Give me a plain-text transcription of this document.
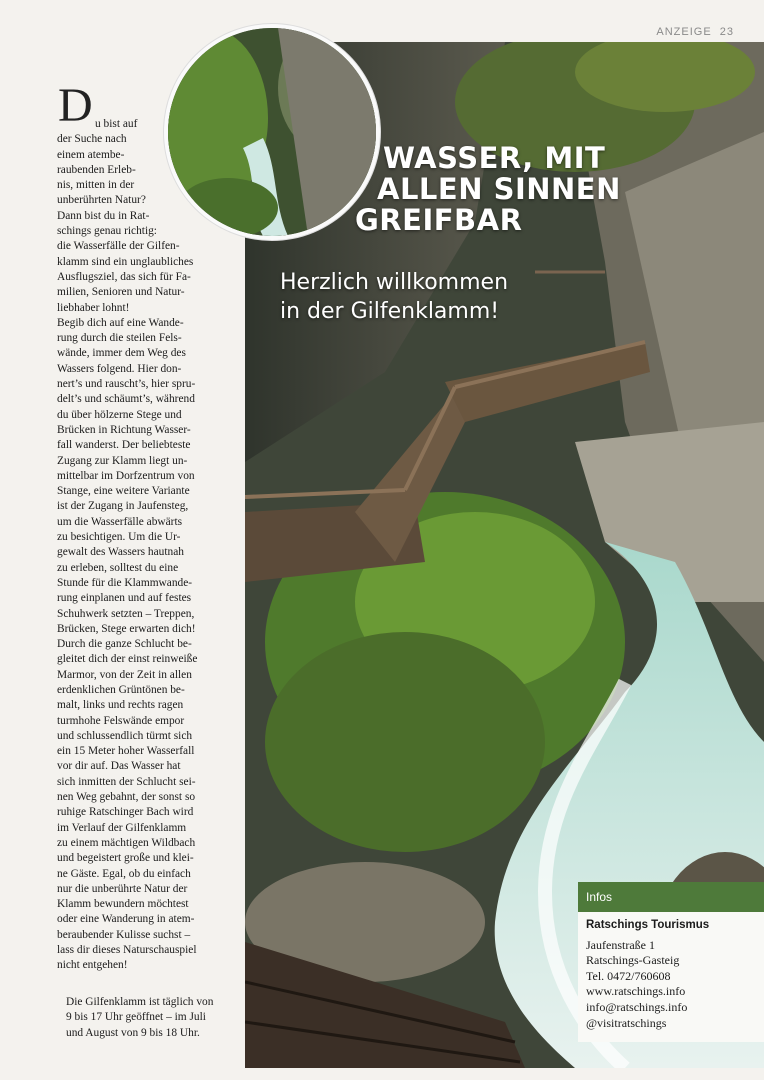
ANZEIGE 23
WASSER, MIT
ALLEN SINNEN
GREIFBAR
Herzlich willkommen
in der Gilfenklamm!
D u bist auf
der Suche nach
einem atembe-
raubenden Erleb-
nis, mitten in der
unberührten Natur?
Dann bist du in Rat-
schings genau richtig:
die Wasserfälle der Gilfen-
klamm sind ein unglaubliches
Ausflugsziel, das sich für Fa-
milien, Senioren und Natur-
liebhaber lohnt!
Begib dich auf eine Wande-
rung durch die steilen Fels-
wände, immer dem Weg des
Wassers folgend. Hier don-
nert’s und rauscht’s, hier spru-
delt’s und schäumt’s, während
du über hölzerne Stege und
Brücken in Richtung Wasser-
fall wanderst. Der beliebteste
Zugang zur Klamm liegt un-
mittelbar im Dorfzentrum von
Stange, eine weitere Variante
ist der Zugang in Jaufensteg,
um die Wasserfälle abwärts
zu besichtigen. Um die Ur-
gewalt des Wassers hautnah
zu erleben, solltest du eine
Stunde für die Klammwande-
rung einplanen und auf festes
Schuhwerk setzten – Treppen,
Brücken, Stege erwarten dich!
Durch die ganze Schlucht be-
gleitet dich der einst reinweiße
Marmor, von der Zeit in allen
erdenklichen Grüntönen be-
malt, links und rechts ragen
turmhohe Felswände empor
und schlussendlich türmt sich
ein 15 Meter hoher Wasserfall
vor dir auf. Das Wasser hat
sich inmitten der Schlucht sei-
nen Weg gebahnt, der sonst so
ruhige Ratschinger Bach wird
im Verlauf der Gilfenklamm
zu einem mächtigen Wildbach
und begeistert große und klei-
ne Gäste. Egal, ob du einfach
nur die unberührte Natur der
Klamm bewundern möchtest
oder eine Wanderung in atem-
beraubender Kulisse suchst –
lass dir dieses Naturschauspiel
nicht entgehen!
Die Gilfenklamm ist täglich von
9 bis 17 Uhr geöffnet – im Juli
und August von 9 bis 18 Uhr.
Infos
Ratschings Tourismus
Jaufenstraße 1
Ratschings-Gasteig
Tel. 0472/760608
www.ratschings.info
info@ratschings.info
@visitratschings
